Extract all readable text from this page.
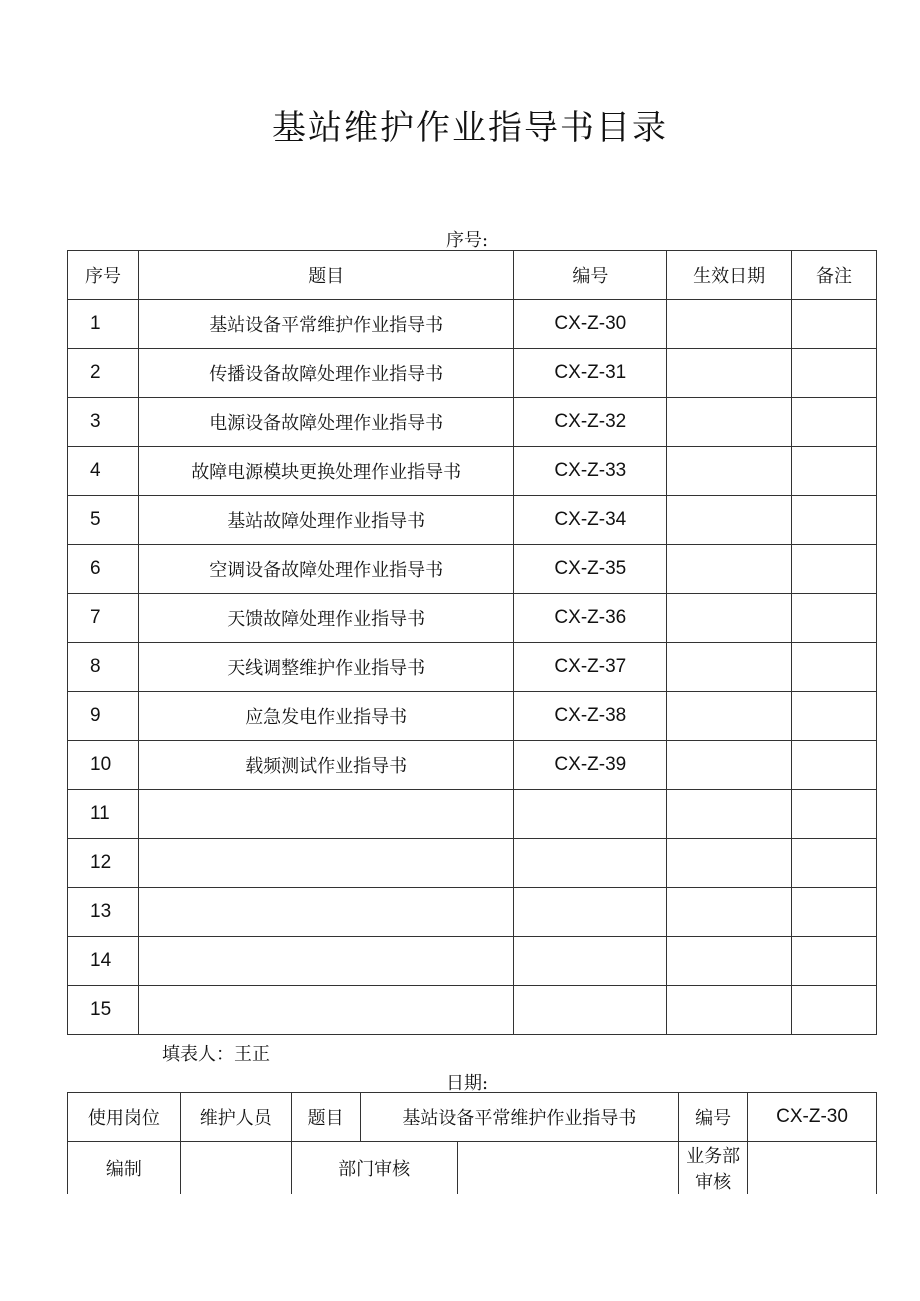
基站维护作业指导书目录
序号:
序号	题目	编号	生效日期	备注
1	基站设备平常维护作业指导书	CX-Z-30		
2	传播设备故障处理作业指导书	CX-Z-31		
3	电源设备故障处理作业指导书	CX-Z-32		
4	故障电源模块更换处理作业指导书	CX-Z-33		
5	基站故障处理作业指导书	CX-Z-34		
6	空调设备故障处理作业指导书	CX-Z-35		
7	天馈故障处理作业指导书	CX-Z-36		
8	天线调整维护作业指导书	CX-Z-37		
9	应急发电作业指导书	CX-Z-38		
10	载频测试作业指导书	CX-Z-39		
11				
12				
13				
14				
15				
填表人：王正
日期:
使用岗位	维护人员	题目	基站设备平常维护作业指导书		编号	CX-Z-30
编制		部门审核			业务部审核	
